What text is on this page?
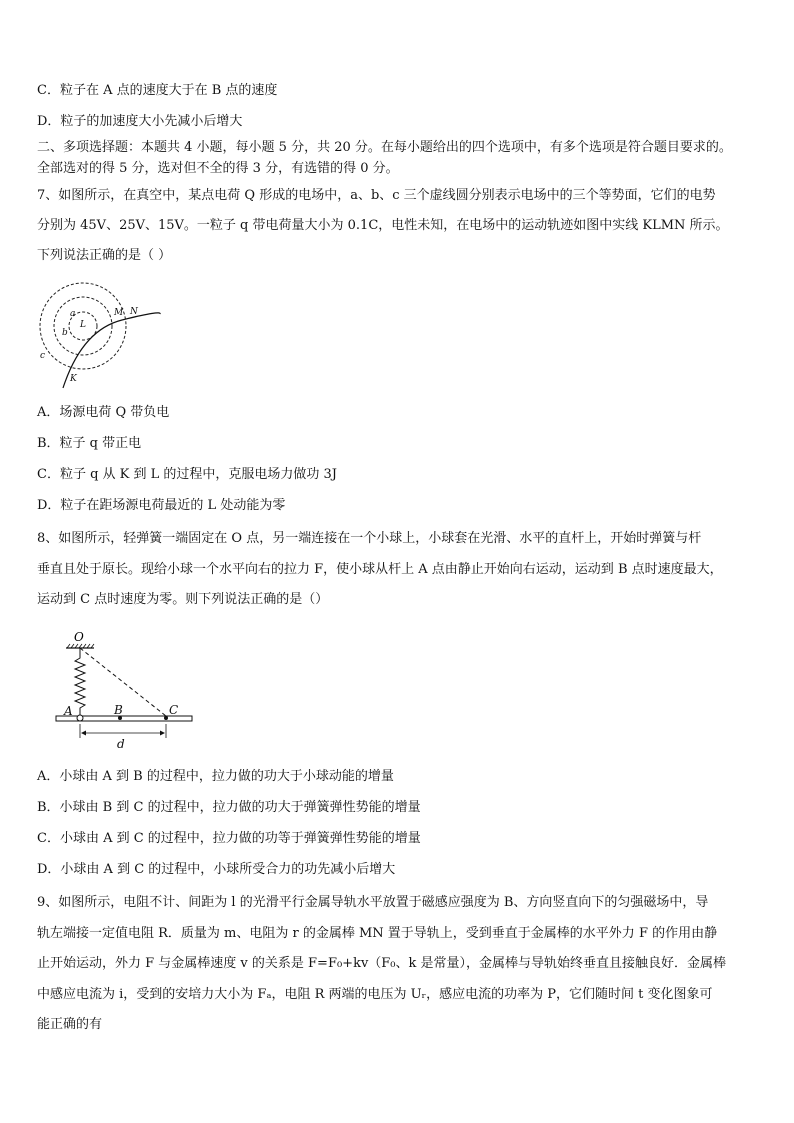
C．粒子在 A 点的速度大于在 B 点的速度
D．粒子的加速度大小先减小后增大
二、多项选择题：本题共 4 小题，每小题 5 分，共 20 分。在每小题给出的四个选项中，有多个选项是符合题目要求的。
全部选对的得 5 分，选对但不全的得 3 分，有选错的得 0 分。
7、如图所示，在真空中，某点电荷 Q 形成的电场中，a、b、c 三个虚线圆分别表示电场中的三个等势面，它们的电势
分别为 45V、25V、15V。一粒子 q 带电荷量大小为 0.1C，电性未知，在电场中的运动轨迹如图中实线 KLMN 所示。
下列说法正确的是（ ）
a
L
b
M N
c
K
A．场源电荷 Q 带负电
B．粒子 q 带正电
C．粒子 q 从 K 到 L 的过程中，克服电场力做功 3J
D．粒子在距场源电荷最近的 L 处动能为零
8、如图所示，轻弹簧一端固定在 O 点，另一端连接在一个小球上，小球套在光滑、水平的直杆上，开始时弹簧与杆
垂直且处于原长。现给小球一个水平向右的拉力 F，使小球从杆上 A 点由静止开始向右运动，运动到 B 点时速度最大，
运动到 C 点时速度为零。则下列说法正确的是（）
O
A	B	C
d
A．小球由 A 到 B 的过程中，拉力做的功大于小球动能的增量
B．小球由 B 到 C 的过程中，拉力做的功大于弹簧弹性势能的增量
C．小球由 A 到 C 的过程中，拉力做的功等于弹簧弹性势能的增量
D．小球由 A 到 C 的过程中，小球所受合力的功先减小后增大
9、如图所示，电阻不计、间距为 l 的光滑平行金属导轨水平放置于磁感应强度为 B、方向竖直向下的匀强磁场中，导
轨左端接一定值电阻 R．质量为 m、电阻为 r 的金属棒 MN 置于导轨上，受到垂直于金属棒的水平外力 F 的作用由静
止开始运动，外力 F 与金属棒速度 v 的关系是 F=F₀+kv（F₀、k 是常量），金属棒与导轨始终垂直且接触良好．金属棒
中感应电流为 i，受到的安培力大小为 Fₐ，电阻 R 两端的电压为 Uᵣ，感应电流的功率为 P，它们随时间 t 变化图象可
能正确的有
